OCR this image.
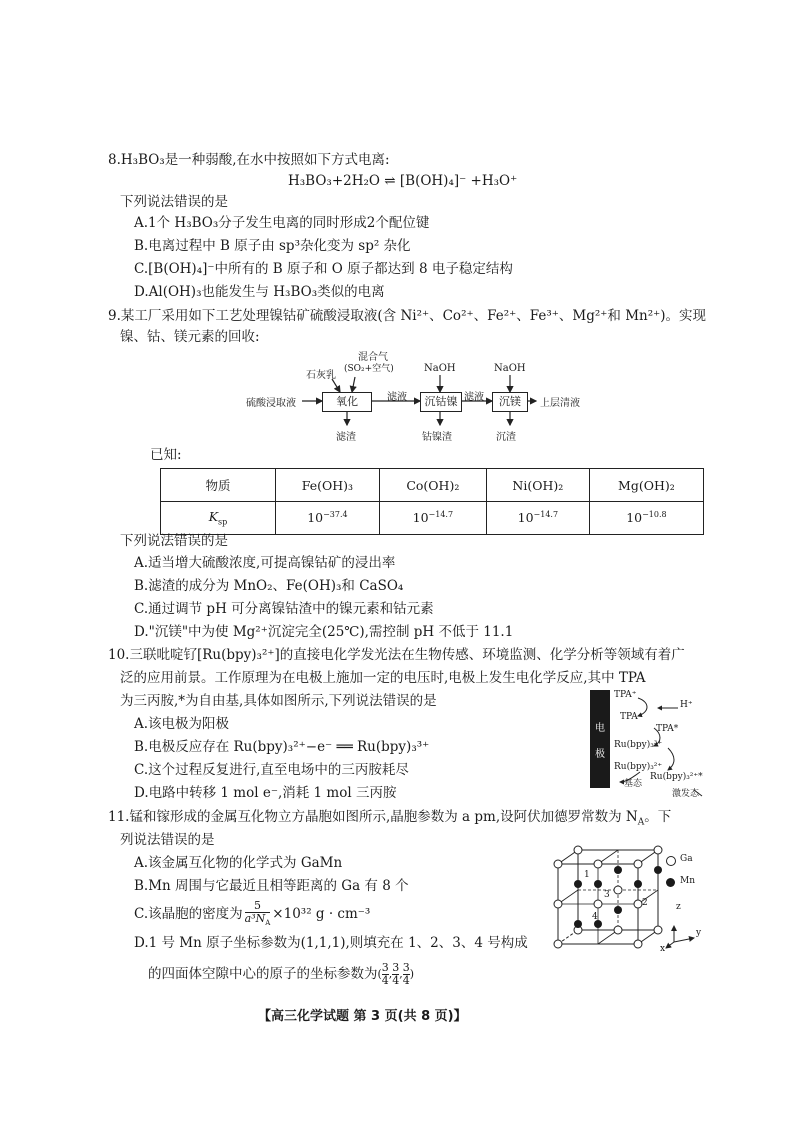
8.H₃BO₃是一种弱酸,在水中按照如下方式电离:
H₃BO₃+2H₂O ⇌ [B(OH)₄]⁻ +H₃O⁺
下列说法错误的是
A.1个 H₃BO₃分子发生电离的同时形成2个配位键
B.电离过程中 B 原子由 sp³杂化变为 sp² 杂化
C.[B(OH)₄]⁻中所有的 B 原子和 O 原子都达到 8 电子稳定结构
D.Al(OH)₃也能发生与 H₃BO₃类似的电离
9.某工厂采用如下工艺处理镍钴矿硫酸浸取液(含 Ni²⁺、Co²⁺、Fe²⁺、Fe³⁺、Mg²⁺和 Mn²⁺)。实现
镍、钴、镁元素的回收:
硫酸浸取液	氧化	沉钴镍	沉镁	上层清液
石灰乳
混合气
(SO₂+空气)	NaOH	NaOH
滤液	滤液
滤渣	钴镍渣	沉渣
已知:
物质	Fe(OH)₃	Co(OH)₂	Ni(OH)₂	Mg(OH)₂
$K_{sp}$	$10^{-37.4}$	$10^{-14.7}$	$10^{-14.7}$	$10^{-10.8}$
下列说法错误的是
A.适当增大硫酸浓度,可提高镍钴矿的浸出率
B.滤渣的成分为 MnO₂、Fe(OH)₃和 CaSO₄
C.通过调节 pH 可分离镍钴渣中的镍元素和钴元素
D."沉镁"中为使 Mg²⁺沉淀完全(25℃),需控制 pH 不低于 11.1
10.三联吡啶钌[Ru(bpy)₃²⁺]的直接电化学发光法在生物传感、环境监测、化学分析等领域有着广
泛的应用前景。工作原理为在电极上施加一定的电压时,电极上发生电化学反应,其中 TPA
为三丙胺,*为自由基,具体如图所示,下列说法错误的是
A.该电极为阳极
B.电极反应存在 Ru(bpy)₃²⁺−e⁻ ══ Ru(bpy)₃³⁺
C.这个过程反复进行,直至电场中的三丙胺耗尽
D.电路中转移 1 mol e⁻,消耗 1 mol 三丙胺
电极
TPA⁺
TPA
H⁺
TPA*
Ru(bpy)₃³⁺
Ru(bpy)₃²⁺
基态
Ru(bpy)₃²⁺*
激发态
11.锰和镓形成的金属互化物立方晶胞如图所示,晶胞参数为 a pm,设阿伏加德罗常数为 $N_A$。下
列说法错误的是
A.该金属互化物的化学式为 GaMn
B.Mn 周围与它最近且相等距离的 Ga 有 8 个
C.该晶胞的密度为 $\frac{5}{a^3N_A} \times 10^{32}$ g · cm⁻³
D.1 号 Mn 原子坐标参数为(1,1,1),则填充在 1、2、3、4 号构成
的四面体空隙中心的原子的坐标参数为( $\frac{3}{4}$ , $\frac{3}{4}$ , $\frac{3}{4}$ )
1
2
3
4
Ga
Mn
z
y
x
【高三化学试题 第 3 页(共 8 页)】
